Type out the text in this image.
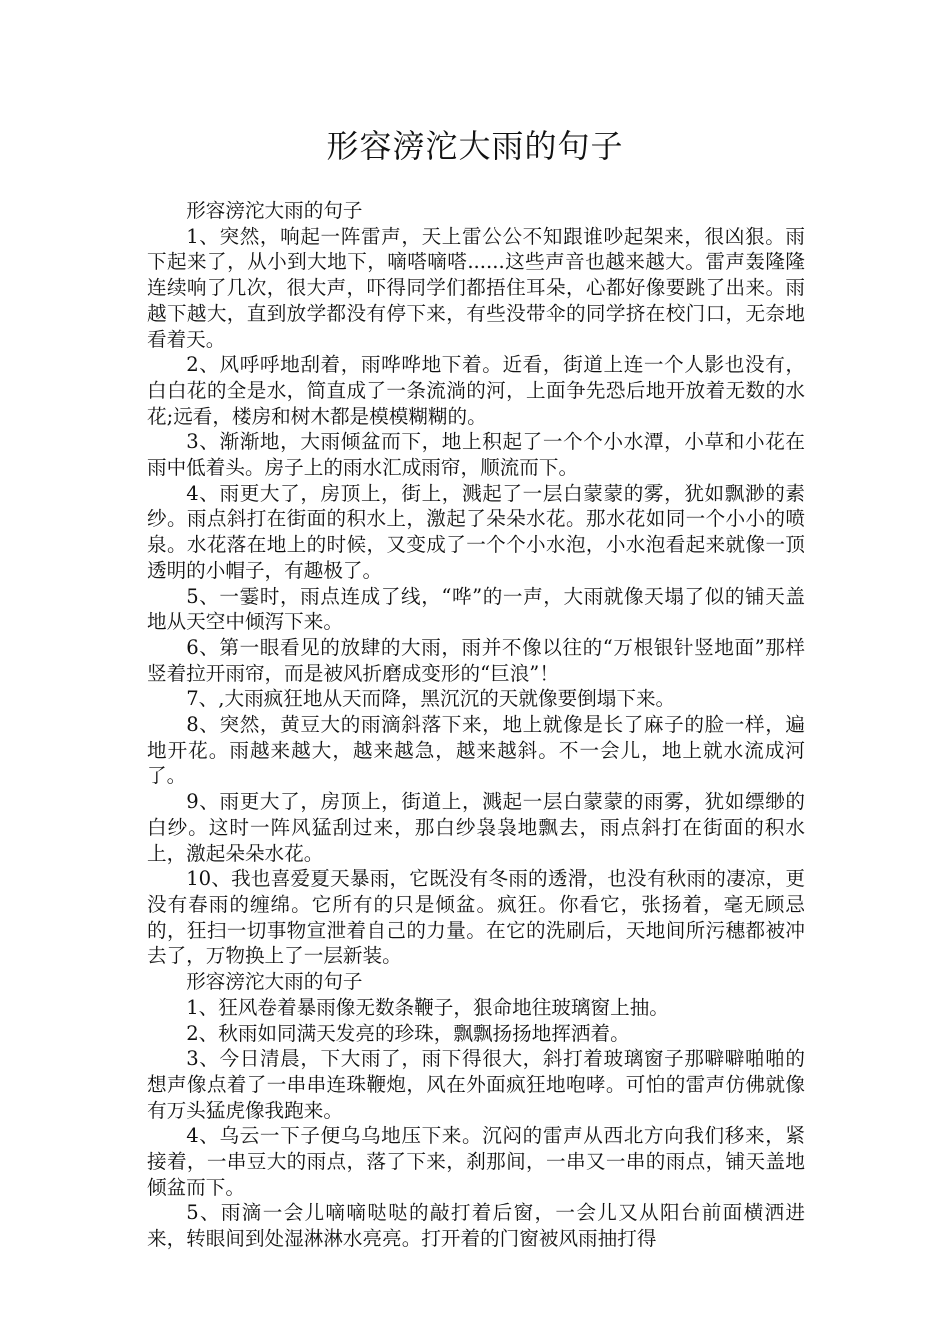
形容滂沱大雨的句子

形容滂沱大雨的句子

1、突然，响起一阵雷声，天上雷公公不知跟谁吵起架来，很凶狠。雨下起来了，从小到大地下，嘀嗒嘀嗒......这些声音也越来越大。雷声轰隆隆连续响了几次，很大声，吓得同学们都捂住耳朵，心都好像要跳了出来。雨越下越大，直到放学都没有停下来，有些没带伞的同学挤在校门口，无奈地看着天。

2、风呼呼地刮着，雨哗哗地下着。近看，街道上连一个人影也没有，白白花的全是水，简直成了一条流淌的河，上面争先恐后地开放着无数的水花;远看，楼房和树木都是模模糊糊的。

3、渐渐地，大雨倾盆而下，地上积起了一个个小水潭，小草和小花在雨中低着头。房子上的雨水汇成雨帘，顺流而下。

4、雨更大了，房顶上，街上，溅起了一层白蒙蒙的雾，犹如飘渺的素纱。雨点斜打在街面的积水上，激起了朵朵水花。那水花如同一个小小的喷泉。水花落在地上的时候，又变成了一个个小水泡，小水泡看起来就像一顶透明的小帽子，有趣极了。

5、一霎时，雨点连成了线，“哗”的一声，大雨就像天塌了似的铺天盖地从天空中倾泻下来。

6、第一眼看见的放肆的大雨，雨并不像以往的“万根银针竖地面”那样竖着拉开雨帘，而是被风折磨成变形的“巨浪”！

7、,大雨疯狂地从天而降，黑沉沉的天就像要倒塌下来。

8、突然，黄豆大的雨滴斜落下来，地上就像是长了麻子的脸一样，遍地开花。雨越来越大，越来越急，越来越斜。不一会儿，地上就水流成河了。

9、雨更大了，房顶上，街道上，溅起一层白蒙蒙的雨雾，犹如缥缈的白纱。这时一阵风猛刮过来，那白纱袅袅地飘去，雨点斜打在街面的积水上，激起朵朵水花。

10、我也喜爱夏天暴雨，它既没有冬雨的透滑，也没有秋雨的凄凉，更没有春雨的缠绵。它所有的只是倾盆。疯狂。你看它，张扬着，毫无顾忌的，狂扫一切事物宣泄着自己的力量。在它的洗刷后，天地间所污穗都被冲去了，万物换上了一层新装。

形容滂沱大雨的句子

1、狂风卷着暴雨像无数条鞭子，狠命地往玻璃窗上抽。

2、秋雨如同满天发亮的珍珠，飘飘扬扬地挥洒着。

3、今日清晨，下大雨了，雨下得很大，斜打着玻璃窗子那噼噼啪啪的想声像点着了一串串连珠鞭炮，风在外面疯狂地咆哮。可怕的雷声仿佛就像有万头猛虎像我跑来。

4、乌云一下子便乌乌地压下来。沉闷的雷声从西北方向我们移来，紧接着，一串豆大的雨点，落了下来，刹那间，一串又一串的雨点，铺天盖地倾盆而下。

5、雨滴一会儿嘀嘀哒哒的敲打着后窗，一会儿又从阳台前面横洒进来，转眼间到处湿淋淋水亮亮。打开着的门窗被风雨抽打得
